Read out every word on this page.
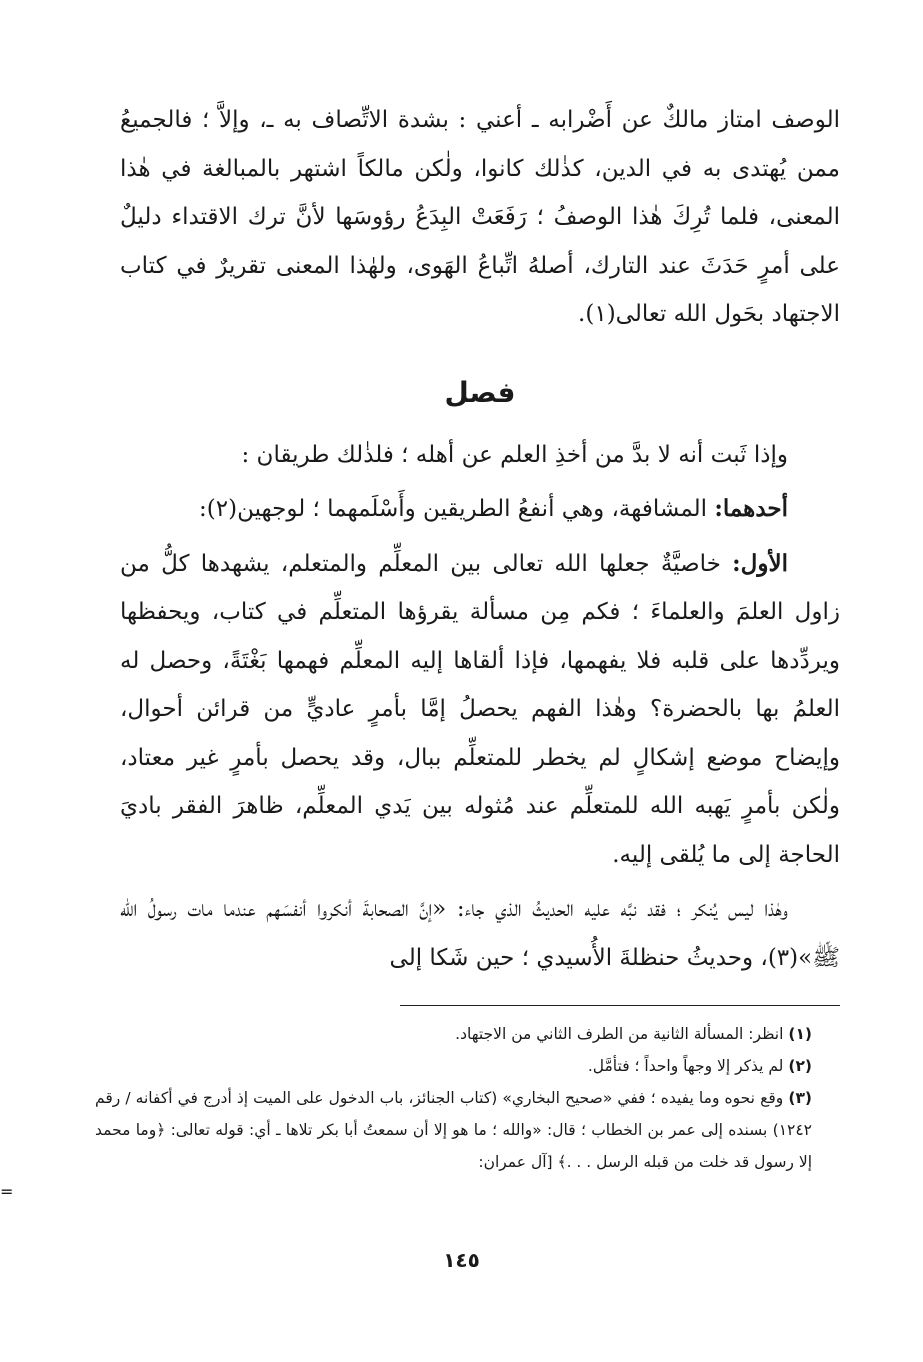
الوصف امتاز مالكٌ عن أَضْرابه ـ أعني : بشدة الاتِّصاف به ـ، وإلاَّ ؛ فالجميعُ ممن يُهتدى به في الدين، كذٰلك كانوا، ولٰكن مالكاً اشتهر بالمبالغة في هٰذا المعنى، فلما تُرِكَ هٰذا الوصفُ ؛ رَفَعَتْ البِدَعُ رؤوسَها لأنَّ ترك الاقتداء دليلٌ على أمرٍ حَدَثَ عند التارك، أصلهُ اتِّباعُ الهَوى، ولهٰذا المعنى تقريرٌ في كتاب الاجتهاد بحَول الله تعالى(١).

فصل

وإذا ثَبت أنه لا بدَّ من أخذِ العلم عن أهله ؛ فلذٰلك طريقان :

أحدهما: المشافهة، وهي أنفعُ الطريقين وأَسْلَمهما ؛ لوجهين(٢):

الأول: خاصيَّةٌ جعلها الله تعالى بين المعلِّم والمتعلم، يشهدها كلُّ من زاول العلمَ والعلماءَ ؛ فكم مِن مسألة يقرؤها المتعلِّم في كتاب، ويحفظها ويردِّدها على قلبه فلا يفهمها، فإذا ألقاها إليه المعلِّم فهمها بَغْتَةً، وحصل له العلمُ بها بالحضرة؟ وهٰذا الفهم يحصلُ إمَّا بأمرٍ عاديٍّ من قرائن أحوال، وإيضاح موضع إشكالٍ لم يخطر للمتعلِّم ببال، وقد يحصل بأمرٍ غير معتاد، ولٰكن بأمرٍ يَهبه الله للمتعلِّم عند مُثوله بين يَدي المعلِّم، ظاهرَ الفقر باديَ الحاجة إلى ما يُلقى إليه.

وهٰذا ليس يُنكر ؛ فقد نبَّه عليه الحديثُ الذي جاء: «إنَّ الصحابةَ أنكروا أنفسَهم عندما مات رسولُ الله ﷺ»(٣)، وحديثُ حنظلةَ الأُسيدي ؛ حين شَكا إلى

(١) انظر: المسألة الثانية من الطرف الثاني من الاجتهاد.

(٢) لم يذكر إلا وجهاً واحداً ؛ فتأمَّل.

(٣) وقع نحوه وما يفيده ؛ ففي «صحيح البخاري» (كتاب الجنائز، باب الدخول على الميت إذ أدرج في أكفانه / رقم ١٢٤٢) بسنده إلى عمر بن الخطاب ؛ قال: «والله ؛ ما هو إلا أن سمعتُ أبا بكر تلاها ـ أي: قوله تعالى: ﴿وما محمد إلا رسول قد خلت من قبله الرسل . . .﴾ [آل عمران:

=
١٤٥
